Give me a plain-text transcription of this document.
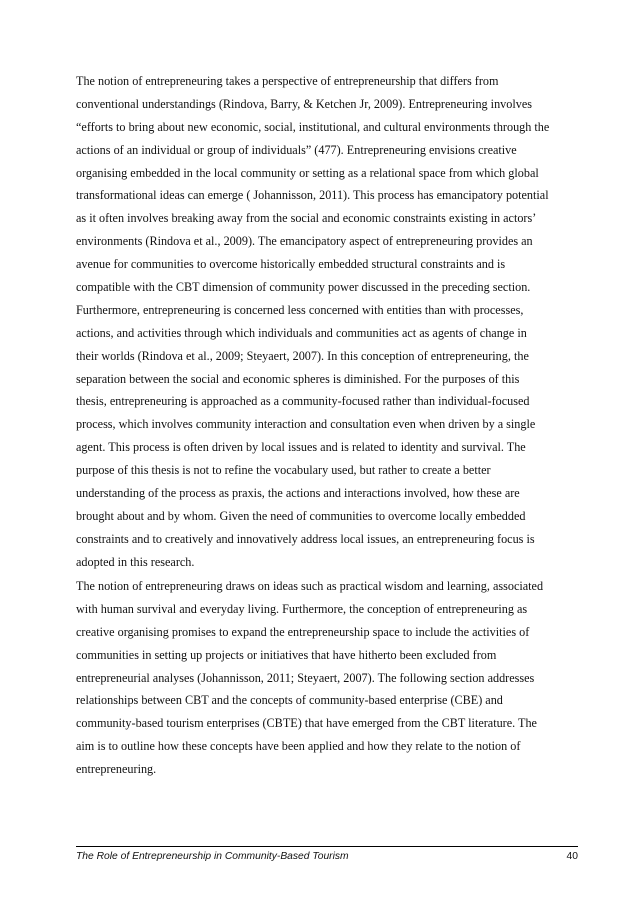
The notion of entrepreneuring takes a perspective of entrepreneurship that differs from
conventional understandings (Rindova, Barry, & Ketchen Jr, 2009). Entrepreneuring involves
“efforts to bring about new economic, social, institutional, and cultural environments through the
actions of an individual or group of individuals” (477). Entrepreneuring envisions creative
organising embedded in the local community or setting as a relational space from which global
transformational ideas can emerge ( Johannisson, 2011). This process has emancipatory potential
as it often involves breaking away from the social and economic constraints existing in actors’
environments (Rindova et al., 2009). The emancipatory aspect of entrepreneuring provides an
avenue for communities to overcome historically embedded structural constraints and is
compatible with the CBT dimension of community power discussed in the preceding section.
Furthermore, entrepreneuring is concerned less concerned with entities than with processes,
actions, and activities through which individuals and communities act as agents of change in
their worlds (Rindova et al., 2009; Steyaert, 2007). In this conception of entrepreneuring, the
separation between the social and economic spheres is diminished. For the purposes of this
thesis, entrepreneuring is approached as a community-focused rather than individual-focused
process, which involves community interaction and consultation even when driven by a single
agent. This process is often driven by local issues and is related to identity and survival. The
purpose of this thesis is not to refine the vocabulary used, but rather to create a better
understanding of the process as praxis, the actions and interactions involved, how these are
brought about and by whom. Given the need of communities to overcome locally embedded
constraints and to creatively and innovatively address local issues, an entrepreneuring focus is
adopted in this research.
The notion of entrepreneuring draws on ideas such as practical wisdom and learning, associated
with human survival and everyday living. Furthermore, the conception of entrepreneuring as
creative organising promises to expand the entrepreneurship space to include the activities of
communities in setting up projects or initiatives that have hitherto been excluded from
entrepreneurial analyses (Johannisson, 2011; Steyaert, 2007). The following section addresses
relationships between CBT and the concepts of community-based enterprise (CBE) and
community-based tourism enterprises (CBTE) that have emerged from the CBT literature. The
aim is to outline how these concepts have been applied and how they relate to the notion of
entrepreneuring.
The Role of Entrepreneurship in Community-Based Tourism	40
